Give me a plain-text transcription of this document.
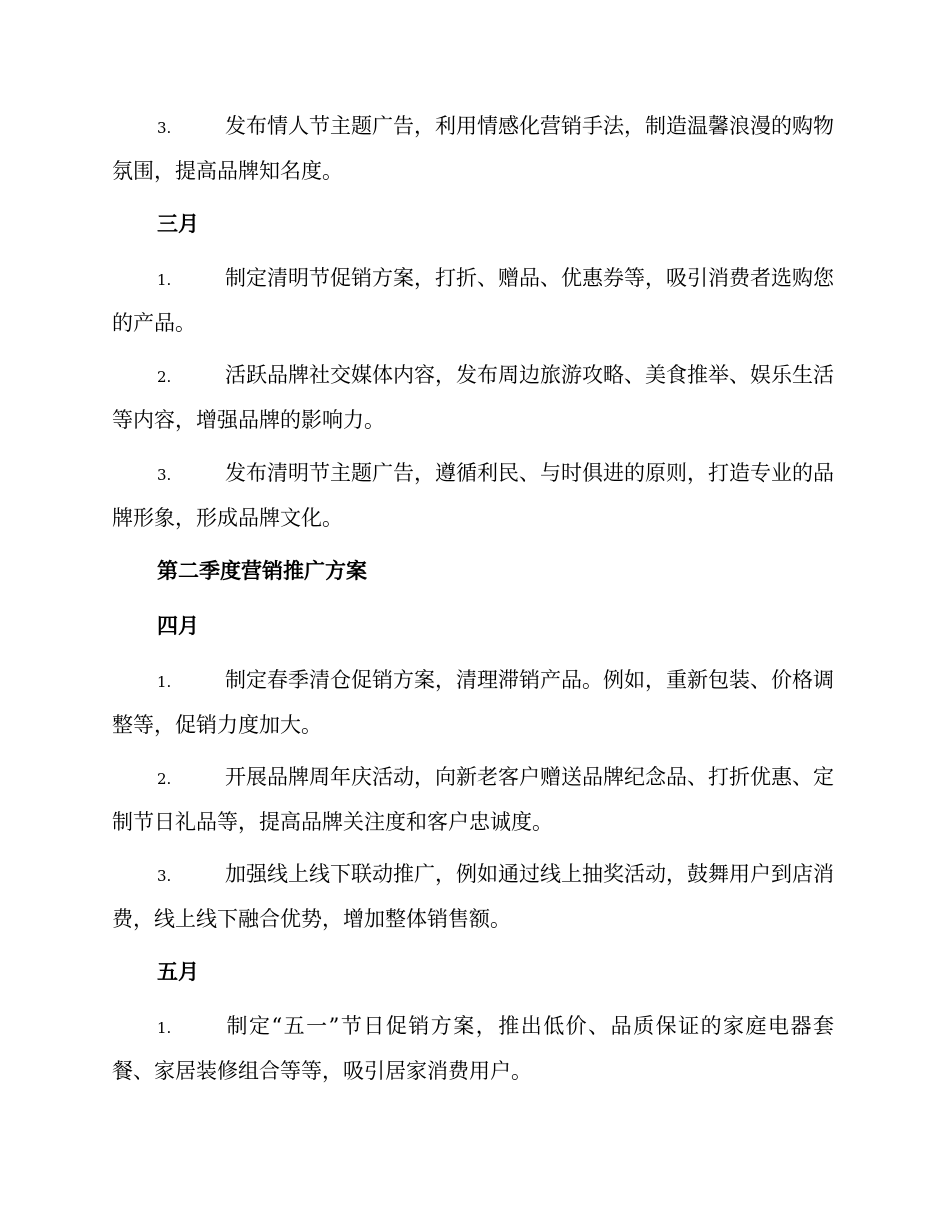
3.	发布情人节主题广告，利用情感化营销手法，制造温馨浪漫的购物氛围，提高品牌知名度。

三月

1.	制定清明节促销方案，打折、赠品、优惠券等，吸引消费者选购您的产品。

2.	活跃品牌社交媒体内容，发布周边旅游攻略、美食推举、娱乐生活等内容，增强品牌的影响力。

3.	发布清明节主题广告，遵循利民、与时俱进的原则，打造专业的品牌形象，形成品牌文化。

第二季度营销推广方案
四月

1.	制定春季清仓促销方案，清理滞销产品。例如，重新包装、价格调整等，促销力度加大。

2.	开展品牌周年庆活动，向新老客户赠送品牌纪念品、打折优惠、定制节日礼品等，提高品牌关注度和客户忠诚度。

3.	加强线上线下联动推广，例如通过线上抽奖活动，鼓舞用户到店消费，线上线下融合优势，增加整体销售额。

五月

1.	制定“五一”节日促销方案，推出低价、品质保证的家庭电器套餐、家居装修组合等等，吸引居家消费用户。
